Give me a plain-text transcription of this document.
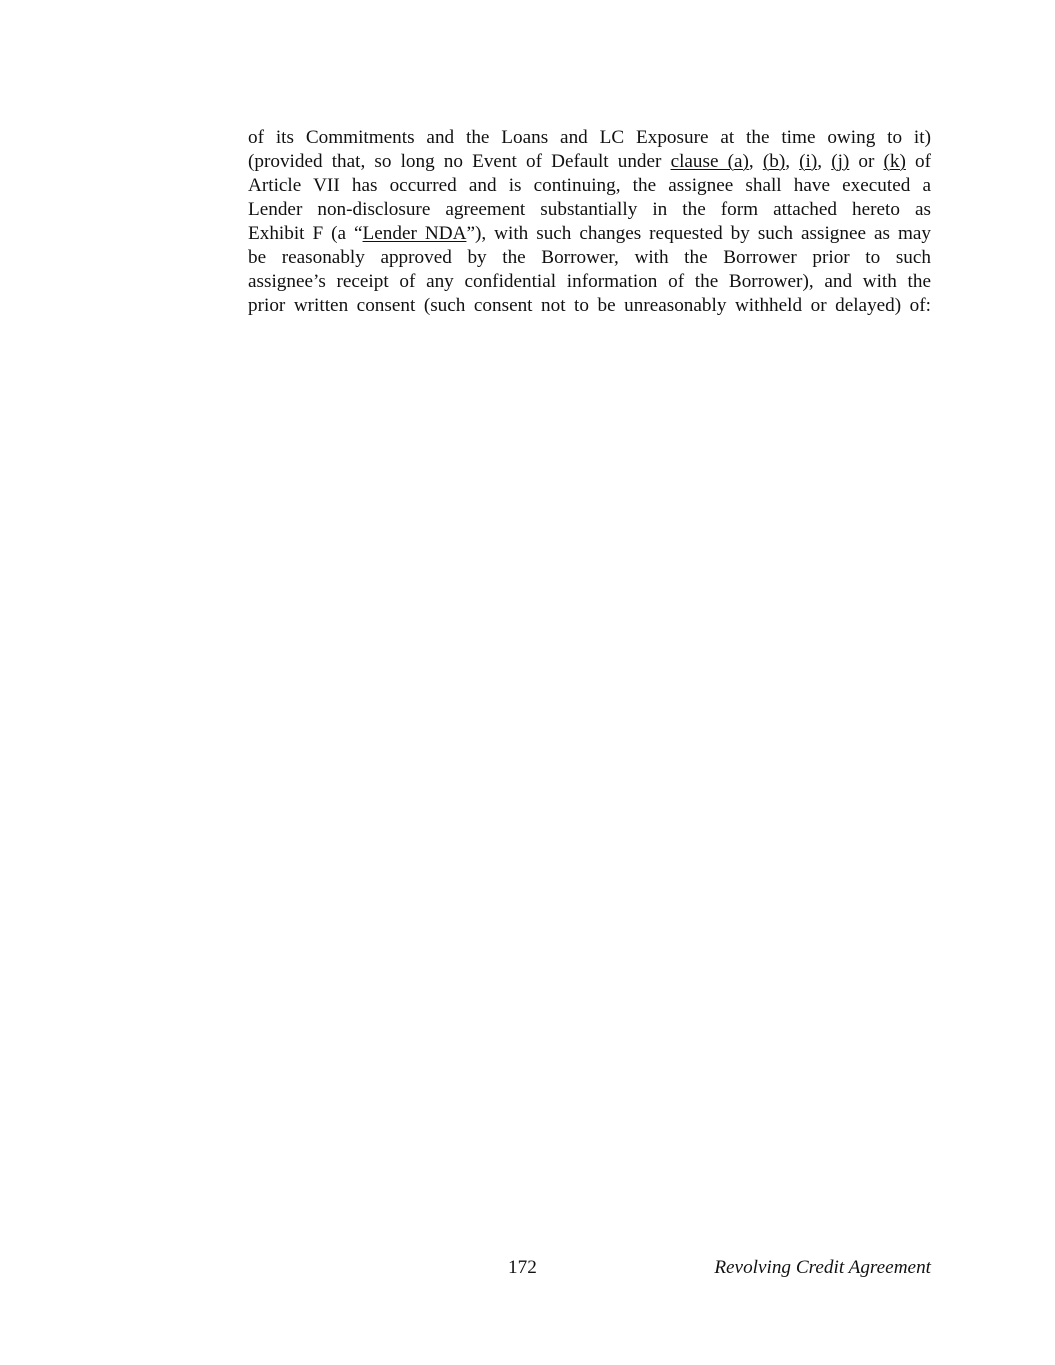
of its Commitments and the Loans and LC Exposure at the time owing to it)
(provided that, so long no Event of Default under clause (a), (b), (i), (j) or (k) of
Article VII has occurred and is continuing, the assignee shall have executed a
Lender non-disclosure agreement substantially in the form attached hereto as
Exhibit F (a “Lender NDA”), with such changes requested by such assignee as may
be reasonably approved by the Borrower, with the Borrower prior to such
assignee’s receipt of any confidential information of the Borrower), and with the
prior written consent (such consent not to be unreasonably withheld or delayed) of:
172	Revolving Credit Agreement
